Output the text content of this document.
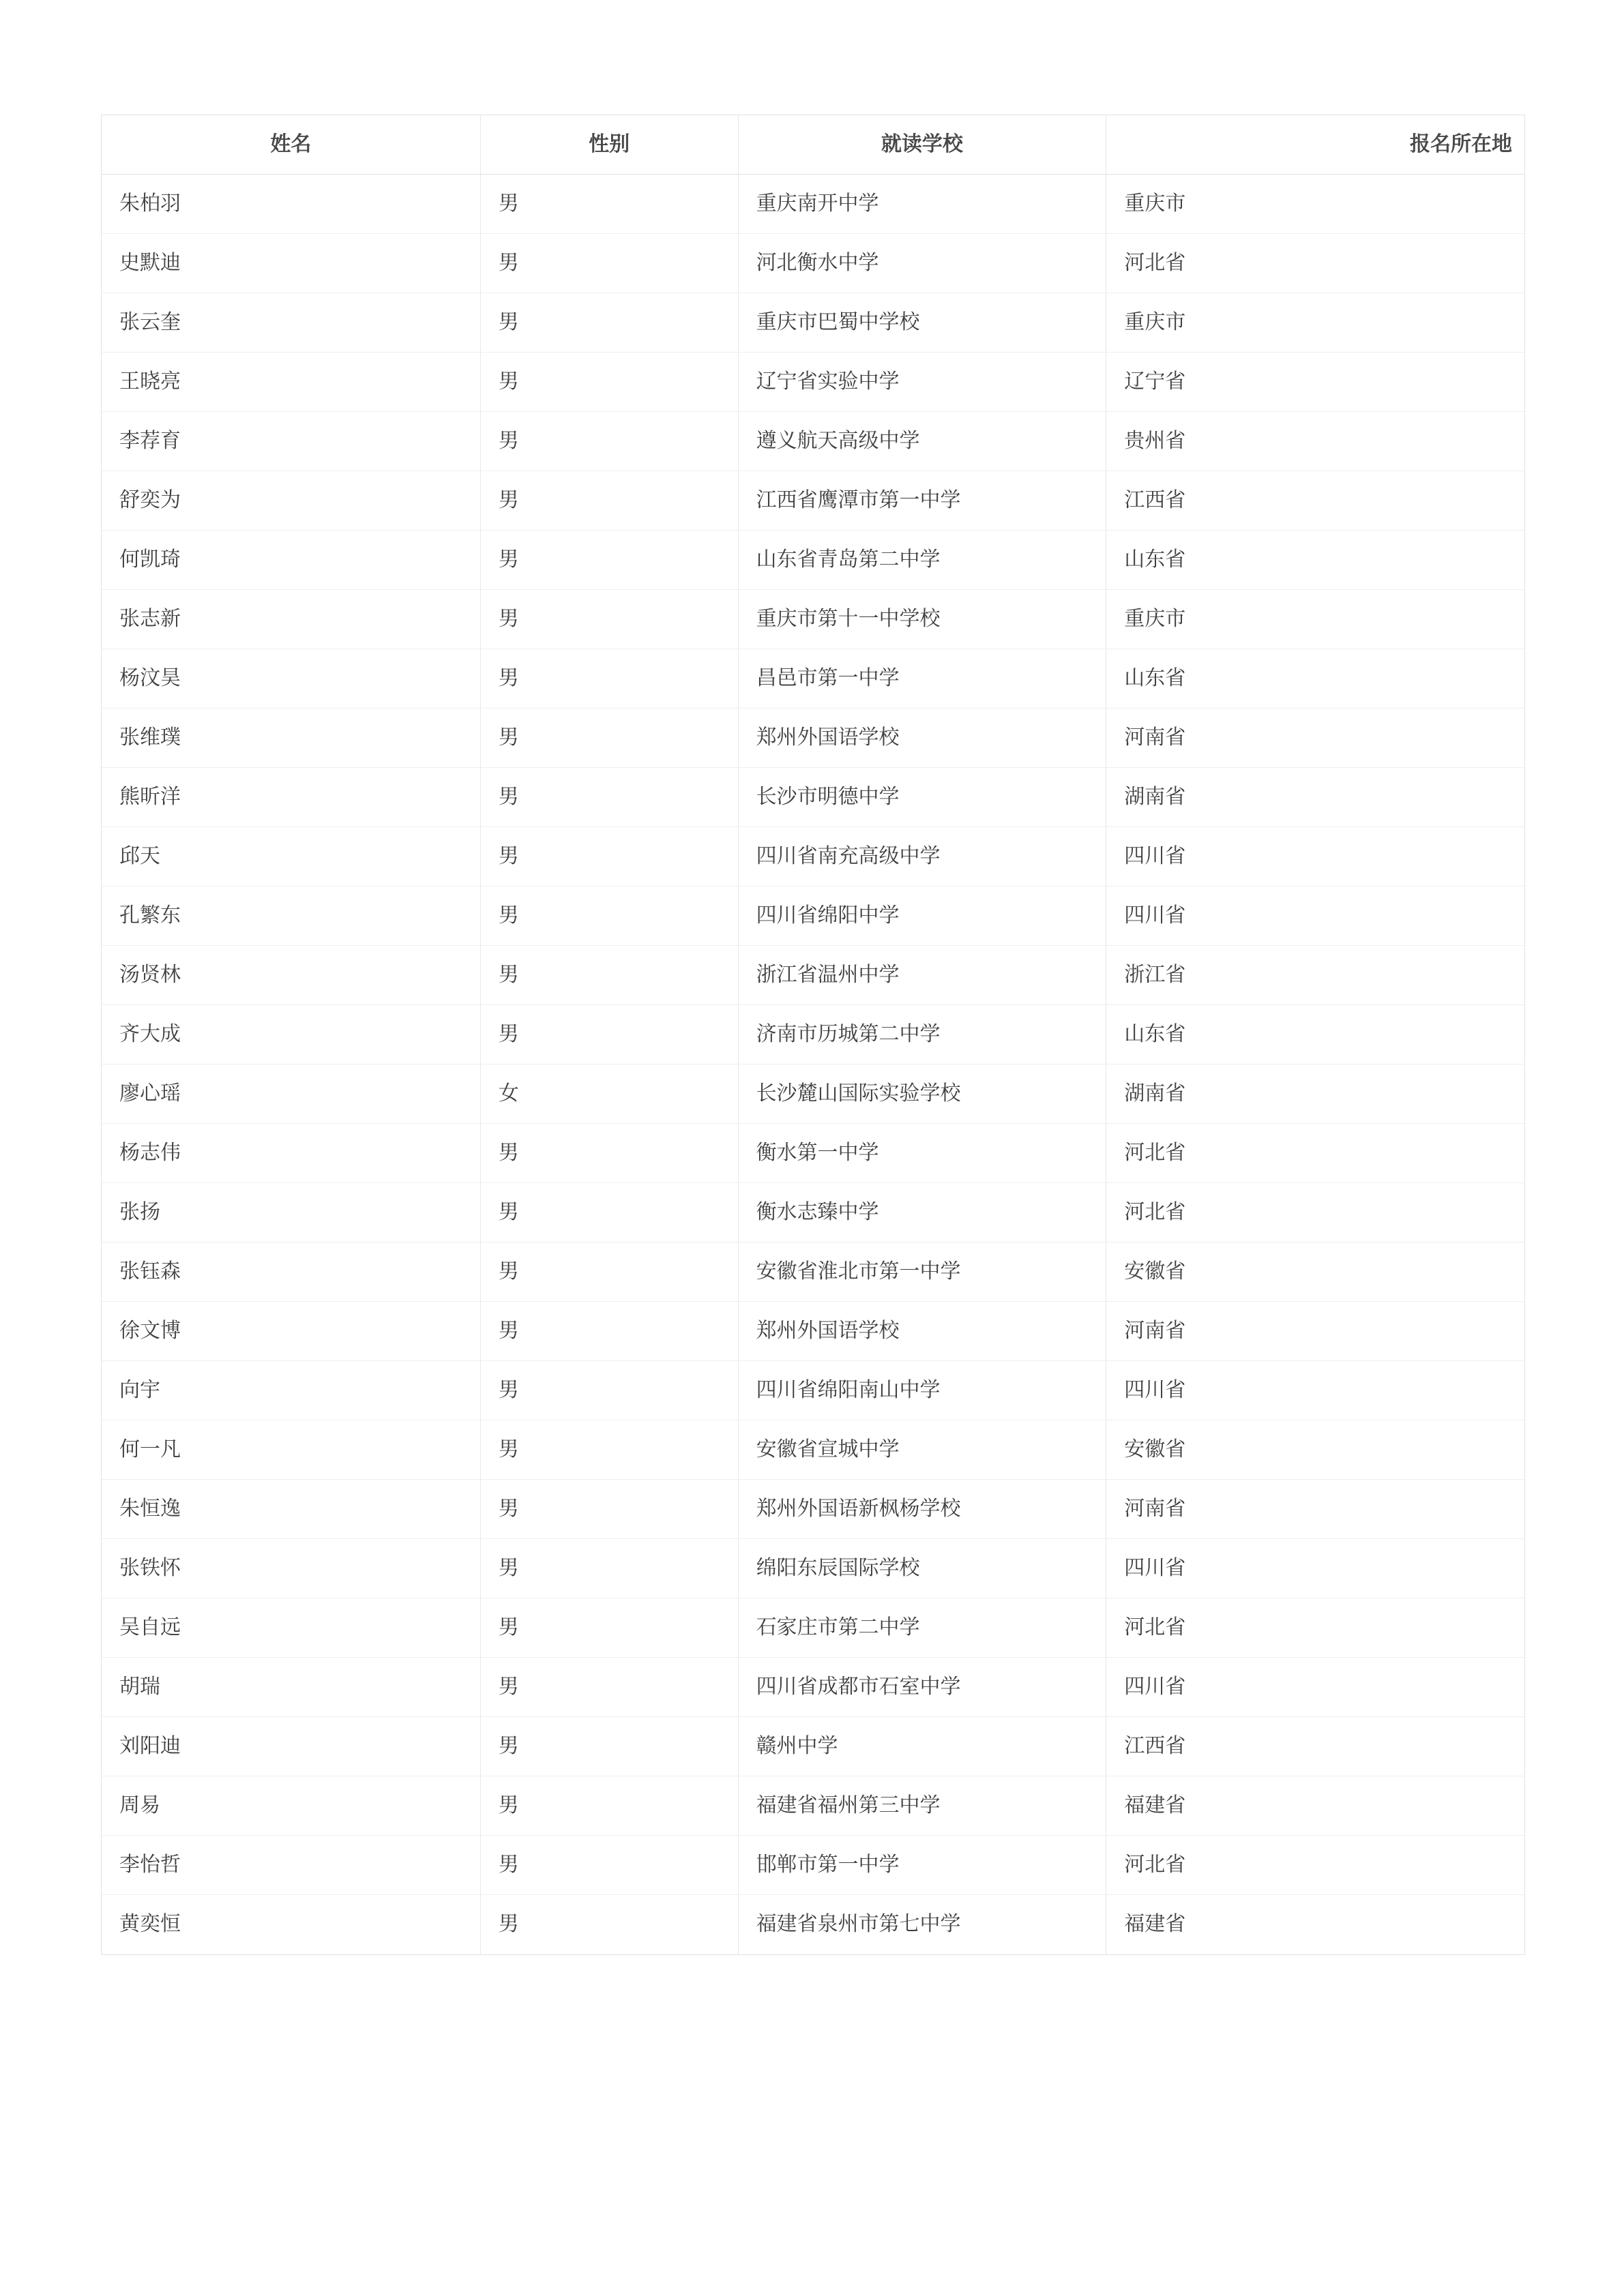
姓名	性别	就读学校	报名所在地
朱柏羽	男	重庆南开中学	重庆市
史默迪	男	河北衡水中学	河北省
张云奎	男	重庆市巴蜀中学校	重庆市
王晓亮	男	辽宁省实验中学	辽宁省
李荐育	男	遵义航天高级中学	贵州省
舒奕为	男	江西省鹰潭市第一中学	江西省
何凯琦	男	山东省青岛第二中学	山东省
张志新	男	重庆市第十一中学校	重庆市
杨汶昊	男	昌邑市第一中学	山东省
张维璞	男	郑州外国语学校	河南省
熊昕洋	男	长沙市明德中学	湖南省
邱天	男	四川省南充高级中学	四川省
孔繁东	男	四川省绵阳中学	四川省
汤贤林	男	浙江省温州中学	浙江省
齐大成	男	济南市历城第二中学	山东省
廖心瑶	女	长沙麓山国际实验学校	湖南省
杨志伟	男	衡水第一中学	河北省
张扬	男	衡水志臻中学	河北省
张钰森	男	安徽省淮北市第一中学	安徽省
徐文博	男	郑州外国语学校	河南省
向宇	男	四川省绵阳南山中学	四川省
何一凡	男	安徽省宣城中学	安徽省
朱恒逸	男	郑州外国语新枫杨学校	河南省
张铁怀	男	绵阳东辰国际学校	四川省
吴自远	男	石家庄市第二中学	河北省
胡瑞	男	四川省成都市石室中学	四川省
刘阳迪	男	赣州中学	江西省
周易	男	福建省福州第三中学	福建省
李怡哲	男	邯郸市第一中学	河北省
黄奕恒	男	福建省泉州市第七中学	福建省
